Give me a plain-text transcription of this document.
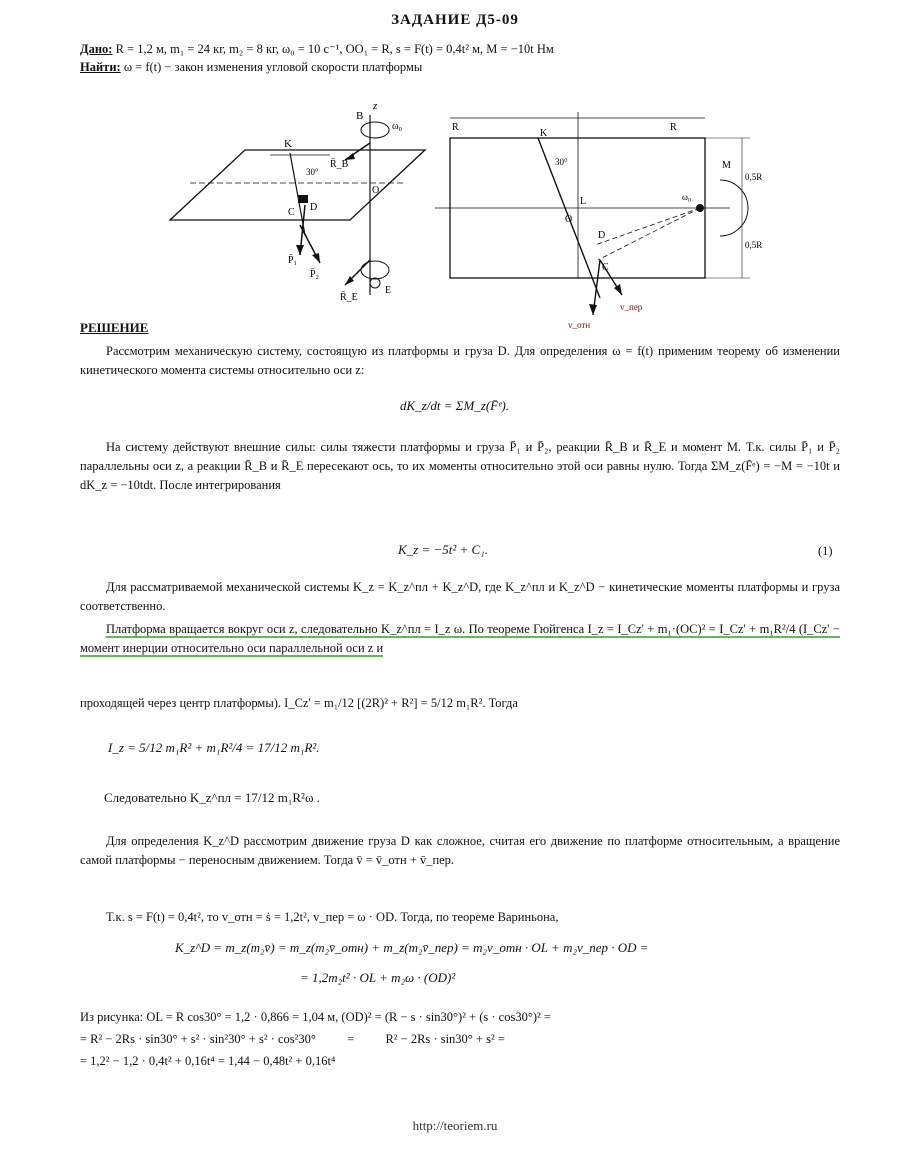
ЗАДАНИЕ Д5-09
Дано: R = 1,2 м, m₁ = 24 кг, m₂ = 8 кг, ω₀ = 10 с⁻¹, OO₁ = R, s = F(t) = 0,4t² м, M = −10t Нм
Найти: ω = f(t) − закон изменения угловой скорости платформы
K
z
B
ω₀
R̄_B
30°
O
D
C
P̄₁
P̄₂
R̄_E
E
R	R
K
30°	M
ω₀
0,5R
0,5R
L
O
D
C
v_отн
v_пер
РЕШЕНИЕ
Рассмотрим механическую систему, состоящую из платформы и груза D. Для определения ω = f(t) применим теорему об изменении кинетического момента системы относительно оси z:
dK_z/dt = ΣM_z(F̄ᵉ).
На систему действуют внешние силы: силы тяжести платформы и груза P̄₁ и P̄₂, реакции R̄_B и R̄_E и момент M. Т.к. силы P̄₁ и P̄₂ параллельны оси z, а реакции R̄_B и R̄_E пересекают ось, то их моменты относительно этой оси равны нулю. Тогда ΣM_z(F̄ᵉ) = −M = −10t и dK_z = −10tdt. После интегрирования
K_z = −5t² + C₁.	(1)
Для рассматриваемой механической системы K_z = K_z^пл + K_z^D, где K_z^пл и K_z^D − кинетические моменты платформы и груза соответственно.
Платформа вращается вокруг оси z, следовательно K_z^пл = I_z ω. По теореме Гюйгенса I_z = I_Cz' + m₁·(OC)² = I_Cz' + m₁R²/4 (I_Cz' − момент инерции относительно оси параллельной оси z и
проходящей через центр платформы). I_Cz' = m₁/12 [(2R)² + R²] = 5/12 m₁R². Тогда
I_z = 5/12 m₁R² + m₁R²/4 = 17/12 m₁R².
Следовательно K_z^пл = 17/12 m₁R²ω .
Для определения K_z^D рассмотрим движение груза D как сложное, считая его движение по платформе относительным, а вращение самой платформы − переносным движением. Тогда v̄ = v̄_отн + v̄_пер.
Т.к. s = F(t) = 0,4t², то v_отн = ṡ = 1,2t², v_пер = ω · OD. Тогда, по теореме Вариньона,
K_z^D = m_z(m₂v̄) = m_z(m₂v̄_отн) + m_z(m₂v̄_пер) = m₂v_отн · OL + m₂v_пер · OD =
= 1,2m₂t² · OL + m₂ω · (OD)²
Из рисунка: OL = R cos30° = 1,2 · 0,866 = 1,04 м, (OD)² = (R − s · sin30°)² + (s · cos30°)² =
= R² − 2Rs · sin30° + s² · sin²30° + s² · cos²30°          =          R² − 2Rs · sin30° + s² =
= 1,2² − 1,2 · 0,4t² + 0,16t⁴ = 1,44 − 0,48t² + 0,16t⁴
http://teoriem.ru
